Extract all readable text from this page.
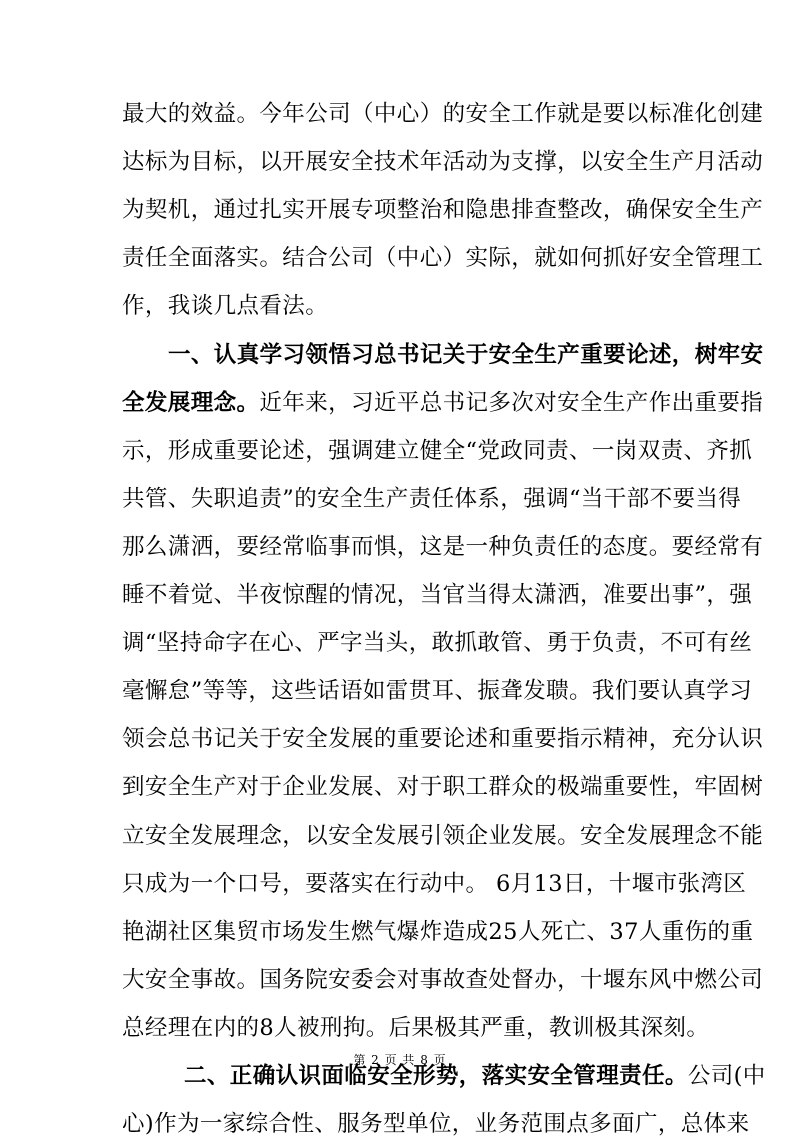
最大的效益。今年公司（中心）的安全工作就是要以标准化创建
达标为目标，以开展安全技术年活动为支撑，以安全生产月活动
为契机，通过扎实开展专项整治和隐患排查整改，确保安全生产
责任全面落实。结合公司（中心）实际，就如何抓好安全管理工
作，我谈几点看法。
一、认真学习领悟习总书记关于安全生产重要论述，树牢安
全发展理念。近年来，习近平总书记多次对安全生产作出重要指
示，形成重要论述，强调建立健全“党政同责、一岗双责、齐抓
共管、失职追责”的安全生产责任体系，强调“当干部不要当得
那么潇洒，要经常临事而惧，这是一种负责任的态度。要经常有
睡不着觉、半夜惊醒的情况，当官当得太潇洒，准要出事”，强
调“坚持命字在心、严字当头，敢抓敢管、勇于负责，不可有丝
毫懈怠”等等，这些话语如雷贯耳、振聋发聩。我们要认真学习
领会总书记关于安全发展的重要论述和重要指示精神，充分认识
到安全生产对于企业发展、对于职工群众的极端重要性，牢固树
立安全发展理念，以安全发展引领企业发展。安全发展理念不能
只成为一个口号，要落实在行动中。 6月13日，十堰市张湾区
艳湖社区集贸市场发生燃气爆炸造成25人死亡、37人重伤的重
大安全事故。国务院安委会对事故查处督办，十堰东风中燃公司
总经理在内的8人被刑拘。后果极其严重，教训极其深刻。
二、正确认识面临安全形势，落实安全管理责任。公司(中
心)作为一家综合性、服务型单位，业务范围点多面广，总体来
第 2 页 共 8 页
